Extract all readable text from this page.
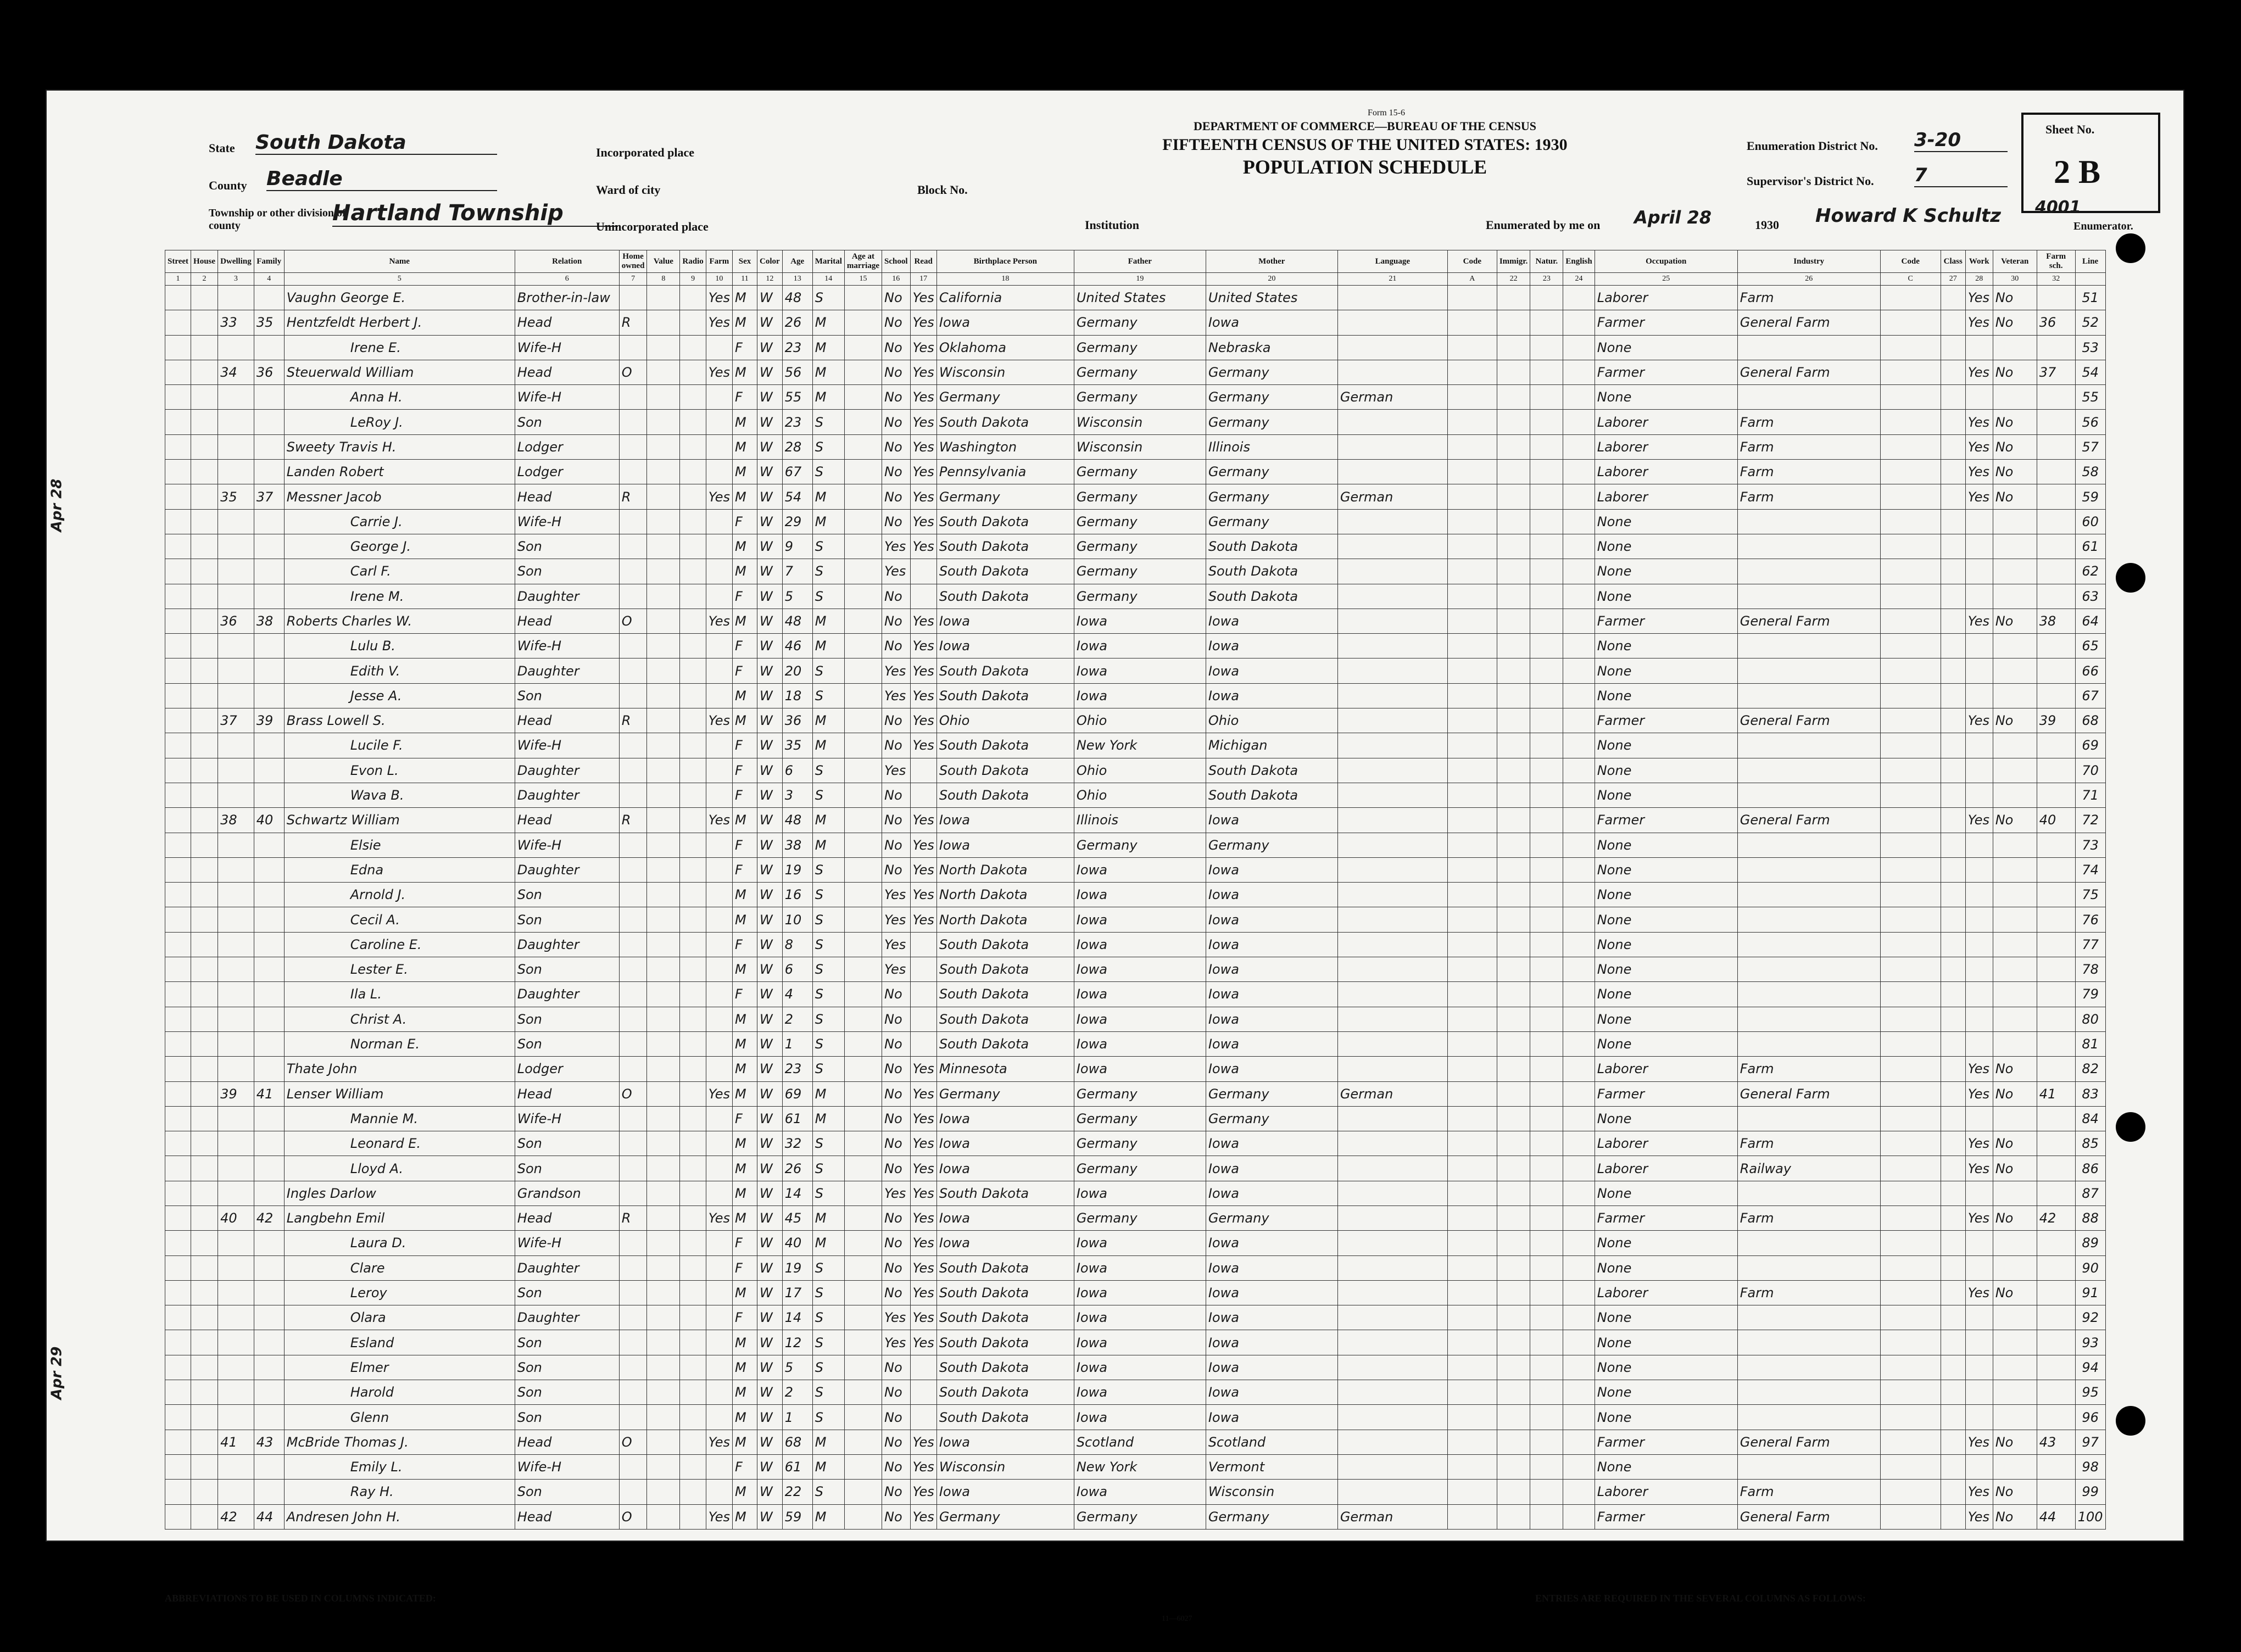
Form 15-6
DEPARTMENT OF COMMERCE—BUREAU OF THE CENSUS
FIFTEENTH CENSUS OF THE UNITED STATES: 1930
POPULATION SCHEDULE
State South Dakota
County Beadle
Township or other division of county	Hartland Township
Incorporated place
Ward of city	Block No.
Unincorporated place	Institution
Enumeration District No. 3-20
Supervisor's District No. 7
Enumerated by me on April 28	1930 Howard K Schultz	Enumerator.
Sheet No.
2 B
4001
Apr 28
Apr 29
Street	House	Dwelling	Family	Name	Relation	Home owned	Value	Radio	Farm	Sex	Color	Age	Marital	Age at marriage	School	Read	Birthplace Person	Father	Mother	Language	Code	Immigr.	Natur.	English	Occupation	Industry	Code	Class	Work	Veteran	Farm sch.	Line
1	2	3	4	5	6	7	8	9	10	11	12	13	14	15	16	17	18	19	20	21	A	22	23	24	25	26	C	27	28	30	32	
				Vaughn George E.	Brother-in-law				Yes	M	W	48	S		No	Yes	California	United States	United States						Laborer	Farm			Yes	No		51
		33	35	Hentzfeldt Herbert J.	Head	R			Yes	M	W	26	M		No	Yes	Iowa	Germany	Iowa						Farmer	General Farm			Yes	No	36	52
				Irene E.	Wife-H					F	W	23	M		No	Yes	Oklahoma	Germany	Nebraska						None							53
		34	36	Steuerwald William	Head	O			Yes	M	W	56	M		No	Yes	Wisconsin	Germany	Germany						Farmer	General Farm			Yes	No	37	54
				Anna H.	Wife-H					F	W	55	M		No	Yes	Germany	Germany	Germany	German					None							55
				LeRoy J.	Son					M	W	23	S		No	Yes	South Dakota	Wisconsin	Germany						Laborer	Farm			Yes	No		56
				Sweety Travis H.	Lodger					M	W	28	S		No	Yes	Washington	Wisconsin	Illinois						Laborer	Farm			Yes	No		57
				Landen Robert	Lodger					M	W	67	S		No	Yes	Pennsylvania	Germany	Germany						Laborer	Farm			Yes	No		58
		35	37	Messner Jacob	Head	R			Yes	M	W	54	M		No	Yes	Germany	Germany	Germany	German					Laborer	Farm			Yes	No		59
				Carrie J.	Wife-H					F	W	29	M		No	Yes	South Dakota	Germany	Germany						None							60
				George J.	Son					M	W	9	S		Yes	Yes	South Dakota	Germany	South Dakota						None							61
				Carl F.	Son					M	W	7	S		Yes		South Dakota	Germany	South Dakota						None							62
				Irene M.	Daughter					F	W	5	S		No		South Dakota	Germany	South Dakota						None							63
		36	38	Roberts Charles W.	Head	O			Yes	M	W	48	M		No	Yes	Iowa	Iowa	Iowa						Farmer	General Farm			Yes	No	38	64
				Lulu B.	Wife-H					F	W	46	M		No	Yes	Iowa	Iowa	Iowa						None							65
				Edith V.	Daughter					F	W	20	S		Yes	Yes	South Dakota	Iowa	Iowa						None							66
				Jesse A.	Son					M	W	18	S		Yes	Yes	South Dakota	Iowa	Iowa						None							67
		37	39	Brass Lowell S.	Head	R			Yes	M	W	36	M		No	Yes	Ohio	Ohio	Ohio						Farmer	General Farm			Yes	No	39	68
				Lucile F.	Wife-H					F	W	35	M		No	Yes	South Dakota	New York	Michigan						None							69
				Evon L.	Daughter					F	W	6	S		Yes		South Dakota	Ohio	South Dakota						None							70
				Wava B.	Daughter					F	W	3	S		No		South Dakota	Ohio	South Dakota						None							71
		38	40	Schwartz William	Head	R			Yes	M	W	48	M		No	Yes	Iowa	Illinois	Iowa						Farmer	General Farm			Yes	No	40	72
				Elsie	Wife-H					F	W	38	M		No	Yes	Iowa	Germany	Germany						None							73
				Edna	Daughter					F	W	19	S		No	Yes	North Dakota	Iowa	Iowa						None							74
				Arnold J.	Son					M	W	16	S		Yes	Yes	North Dakota	Iowa	Iowa						None							75
				Cecil A.	Son					M	W	10	S		Yes	Yes	North Dakota	Iowa	Iowa						None							76
				Caroline E.	Daughter					F	W	8	S		Yes		South Dakota	Iowa	Iowa						None							77
				Lester E.	Son					M	W	6	S		Yes		South Dakota	Iowa	Iowa						None							78
				Ila L.	Daughter					F	W	4	S		No		South Dakota	Iowa	Iowa						None							79
				Christ A.	Son					M	W	2	S		No		South Dakota	Iowa	Iowa						None							80
				Norman E.	Son					M	W	1	S		No		South Dakota	Iowa	Iowa						None							81
				Thate John	Lodger					M	W	23	S		No	Yes	Minnesota	Iowa	Iowa						Laborer	Farm			Yes	No		82
		39	41	Lenser William	Head	O			Yes	M	W	69	M		No	Yes	Germany	Germany	Germany	German					Farmer	General Farm			Yes	No	41	83
				Mannie M.	Wife-H					F	W	61	M		No	Yes	Iowa	Germany	Germany						None							84
				Leonard E.	Son					M	W	32	S		No	Yes	Iowa	Germany	Iowa						Laborer	Farm			Yes	No		85
				Lloyd A.	Son					M	W	26	S		No	Yes	Iowa	Germany	Iowa						Laborer	Railway			Yes	No		86
				Ingles Darlow	Grandson					M	W	14	S		Yes	Yes	South Dakota	Iowa	Iowa						None							87
		40	42	Langbehn Emil	Head	R			Yes	M	W	45	M		No	Yes	Iowa	Germany	Germany						Farmer	Farm			Yes	No	42	88
				Laura D.	Wife-H					F	W	40	M		No	Yes	Iowa	Iowa	Iowa						None							89
				Clare	Daughter					F	W	19	S		No	Yes	South Dakota	Iowa	Iowa						None							90
				Leroy	Son					M	W	17	S		No	Yes	South Dakota	Iowa	Iowa						Laborer	Farm			Yes	No		91
				Olara	Daughter					F	W	14	S		Yes	Yes	South Dakota	Iowa	Iowa						None							92
				Esland	Son					M	W	12	S		Yes	Yes	South Dakota	Iowa	Iowa						None							93
				Elmer	Son					M	W	5	S		No		South Dakota	Iowa	Iowa						None							94
				Harold	Son					M	W	2	S		No		South Dakota	Iowa	Iowa						None							95
				Glenn	Son					M	W	1	S		No		South Dakota	Iowa	Iowa						None							96
		41	43	McBride Thomas J.	Head	O			Yes	M	W	68	M		No	Yes	Iowa	Scotland	Scotland						Farmer	General Farm			Yes	No	43	97
				Emily L.	Wife-H					F	W	61	M		No	Yes	Wisconsin	New York	Vermont						None							98
				Ray H.	Son					M	W	22	S		No	Yes	Iowa	Iowa	Wisconsin						Laborer	Farm			Yes	No		99
		42	44	Andresen John H.	Head	O			Yes	M	W	59	M		No	Yes	Germany	Germany	Germany	German					Farmer	General Farm			Yes	No	44	100
ABBREVIATIONS TO BE USED IN COLUMNS INDICATED:	ENTRIES ARE REQUIRED IN THE SEVERAL COLUMNS AS FOLLOWS:
11—6027
